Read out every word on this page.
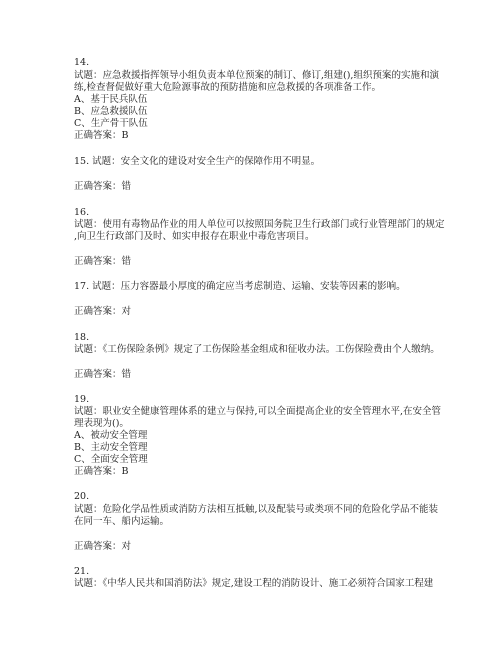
14.
试题：应急救援指挥领导小组负责本单位预案的制订、修订,组建(),组织预案的实施和演
练,检查督促做好重大危险源事故的预防措施和应急救援的各项准备工作。
A、基于民兵队伍
B、应急救援队伍
C、生产骨干队伍
正确答案：B
15. 试题：安全文化的建设对安全生产的保障作用不明显。
正确答案：错
16.
试题：使用有毒物品作业的用人单位可以按照国务院卫生行政部门或行业管理部门的规定
,向卫生行政部门及时、如实申报存在职业中毒危害项目。
正确答案：错
17. 试题：压力容器最小厚度的确定应当考虑制造、运输、安装等因素的影响。
正确答案：对
18.
试题：《工伤保险条例》规定了工伤保险基金组成和征收办法。工伤保险费由个人缴纳。
正确答案：错
19.
试题：职业安全健康管理体系的建立与保持,可以全面提高企业的安全管理水平,在安全管
理表现为()。
A、被动安全管理
B、主动安全管理
C、全面安全管理
正确答案：B
20.
试题：危险化学品性质或消防方法相互抵触,以及配装号或类项不同的危险化学品不能装
在同一车、船内运输。
正确答案：对
21.
试题：《中华人民共和国消防法》规定,建设工程的消防设计、施工必须符合国家工程建
